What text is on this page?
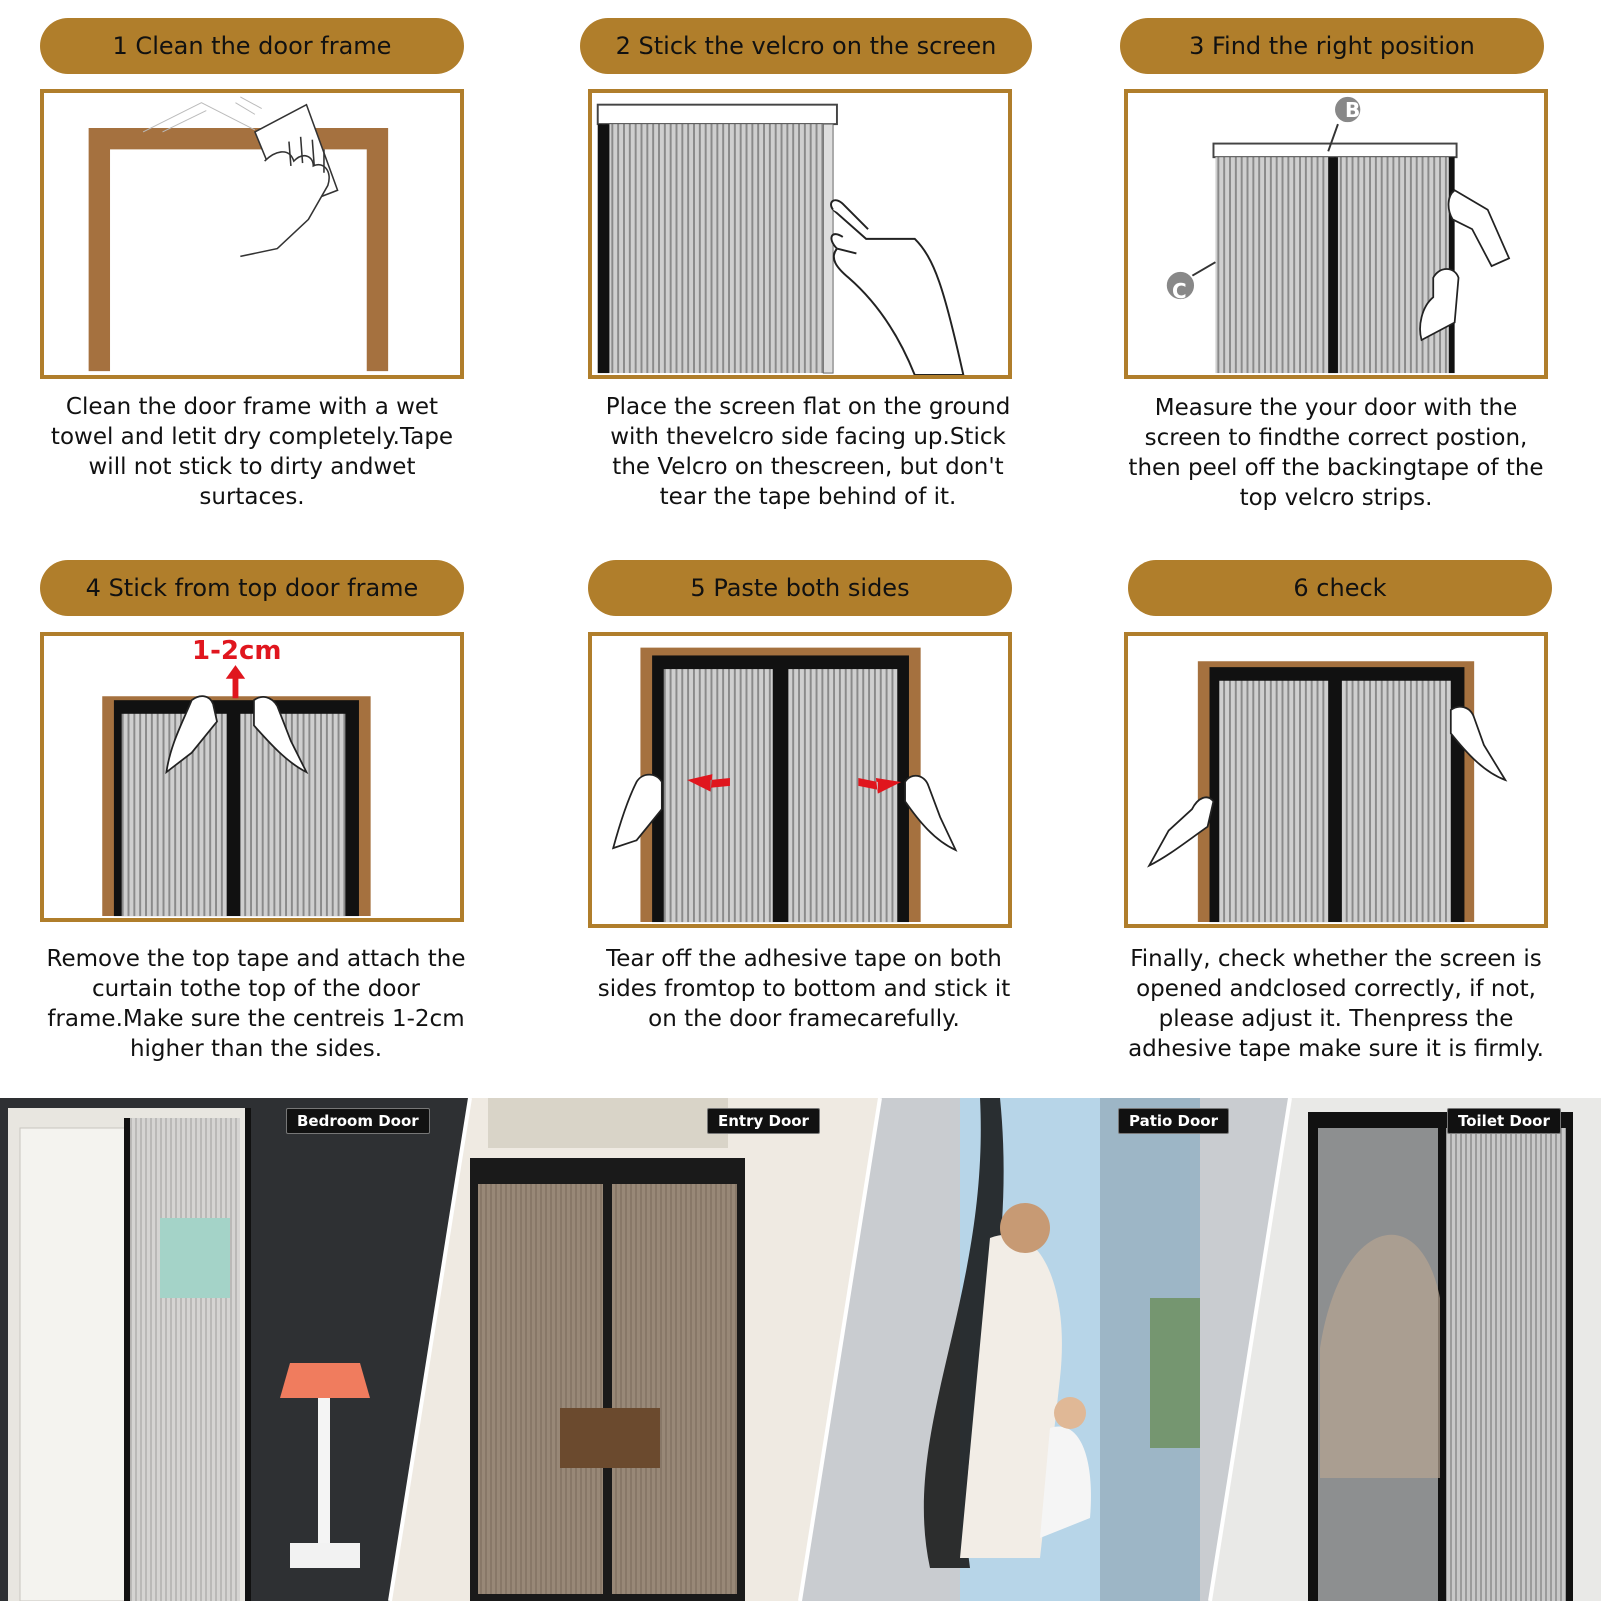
1 Clean the door frame
Clean the door frame with a wet towel and letit dry completely.Tape will not stick to dirty andwet surtaces.
2 Stick the velcro on the screen
Place the screen flat on the ground with thevelcro side facing up.Stick the Velcro on thescreen, but don't tear the tape behind of it.
3 Find the right position
B
C
Measure the your door with the screen to findthe correct postion, then peel off the backingtape of the top velcro strips.
4 Stick from top door frame
1-2cm
Remove the top tape and attach the curtain tothe top of the door frame.Make sure the centreis 1-2cm higher than the sides.
5 Paste both sides
Tear off the adhesive tape on both sides fromtop to bottom and stick it on the door framecarefully.
6 check
Finally, check whether the screen is opened andclosed correctly, if not, please adjust it. Thenpress the adhesive tape make sure it is firmly.
Bedroom Door	Entry Door	Patio Door	Toilet Door
